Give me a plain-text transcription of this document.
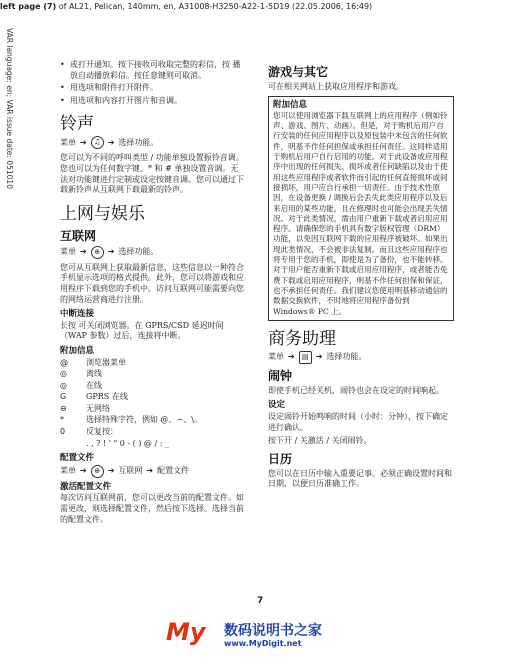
left page (7) of AL21, Pelican, 140mm, en, A31008-H3250-A22-1-5D19 (22.05.2006, 16:49)
VAR language: en; VAR issue date: 051010	• 或打开通知。按下接收可收取完整的彩信，按 播放自动播放彩信。按任意键则可取消。
• 用选项和附件打开附件。
• 用选项和内容打开图片和音调。
铃声
菜单 ➔	♫ ➔ 选择功能。
您可以为不同的呼叫类型 / 功能单独设置振铃音调。您也可以为任何数字键、* 和 # 单独设置音调。无法对功能键进行定制或设定按键音调。您可以通过下载新铃声从互联网下载最新的铃声。
上网与娱乐
互联网
菜单 ➔	⊕ ➔ 选择功能。
您可从互联网上获取最新信息，这些信息以一种符合手机显示选项的格式提供。此外，您可以将游戏和应用程序下载到您的手机中。访问互联网可能需要向您的网络运营商进行注册。
中断连接
长按 可关闭浏览器。在 GPRS/CSD 延迟时间（WAP 参数）过后，连接将中断。
附加信息
@	浏览器菜单
◎	离线
◎	在线
G	GPRS 在线
⊖	无网络
*	选择特殊字符，例如 @、~、\。
0	反复按：
. , ? ! ' " 0 - ( ) @ / : _
配置文件
菜单 ➔	⊕ ➔ 互联网 ➔ 配置文件
激活配置文件
每次访问互联网前，您可以更改当前的配置文件。如需更改，则选择配置文件，然后按下选择。选择当前的配置文件。
游戏与其它
可在相关网站上获取应用程序和游戏。
附加信息
您可以使用浏览器下载互联网上的应用程序（例如铃声、游戏、图片、动画）。但是，对于购机后用户自行安装的任何应用程序以及原包装中未包含的任何软件，明基不作任何担保或承担任何责任。这同样适用于购机后用户自行启用的功能。对于此设备或应用程序中出现的任何损失、损坏或者任何缺陷以及由于使用这些应用程序或者软件而引起的任何直接损坏或间接损坏，用户应自行承担一切责任。由于技术性原因，在设备更换 / 调换后会丢失此类应用程序以及后来启用的某些功能，且在修理时也可能会出现丢失情况。对于此类情况，需由用户重新下载或者启用应用程序。请确保您的手机具有数字版权管理（DRM）功能，以免因互联网下载的应用程序被破坏。如果出现此类情况，不会被非法复制。而且这些应用程序也将专用于您的手机，即使是为了备份，也不能转移。对于用户能否重新下载或启用应用程序，或者能否免费下载或启用应用程序，明基不作任何担保和保证，也不承担任何责任。我们建议您使用明基移动通信的数据交换软件，不时地将应用程序备份到 Windows® PC 上。
商务助理
菜单 ➔	▤ ➔ 选择功能。
闹钟
即使手机已经关机，闹铃也会在设定的时间响起。
设定
设定闹铃开始鸣响的时间（小时：分钟），按下确定进行确认。
按下开 / 关激活 / 关闭闹铃。
日历
您可以在日历中输入重要记事。必须正确设置时间和日期，以便日历准确工作。
7
My 数码说明书之家
www.MyDigit.net
